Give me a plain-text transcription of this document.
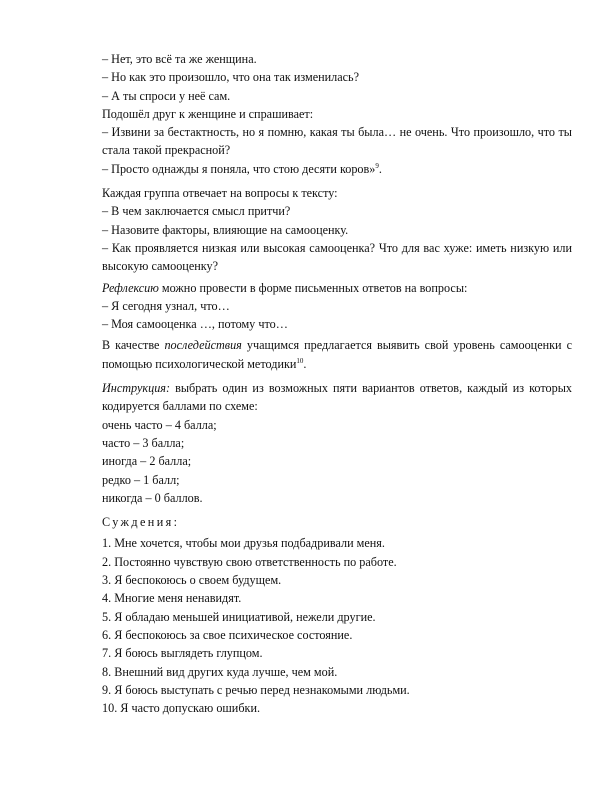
– Нет, это всё та же женщина.

– Но как это произошло, что она так изменилась?

– А ты спроси у неё сам.

Подошёл друг к женщине и спрашивает:

– Извини за бестактность, но я помню, какая ты была… не очень. Что произошло, что ты стала такой прекрасной?

– Просто однажды я поняла, что стою десяти коров»$^9$.

Каждая группа отвечает на вопросы к тексту:

– В чем заключается смысл притчи?

– Назовите факторы, влияющие на самооценку.

– Как проявляется низкая или высокая самооценка? Что для вас хуже: иметь низкую или высокую самооценку?

Рефлексию можно провести в форме письменных ответов на вопросы:

– Я сегодня узнал, что…

– Моя самооценка …, потому что…

В качестве последействия учащимся предлагается выявить свой уровень самооценки с помощью психологической методики$^{10}$.

Инструкция: выбрать один из возможных пяти вариантов ответов, каждый из которых кодируется баллами по схеме:

очень часто – 4 балла;

часто – 3 балла;

иногда – 2 балла;

редко – 1 балл;

никогда – 0 баллов.

Суждения:

1. Мне хочется, чтобы мои друзья подбадривали меня.

2. Постоянно чувствую свою ответственность по работе.

3. Я беспокоюсь о своем будущем.

4. Многие меня ненавидят.

5. Я обладаю меньшей инициативой, нежели другие.

6. Я беспокоюсь за свое психическое состояние.

7. Я боюсь выглядеть глупцом.

8. Внешний вид других куда лучше, чем мой.

9. Я боюсь выступать с речью перед незнакомыми людьми.

10. Я часто допускаю ошибки.
